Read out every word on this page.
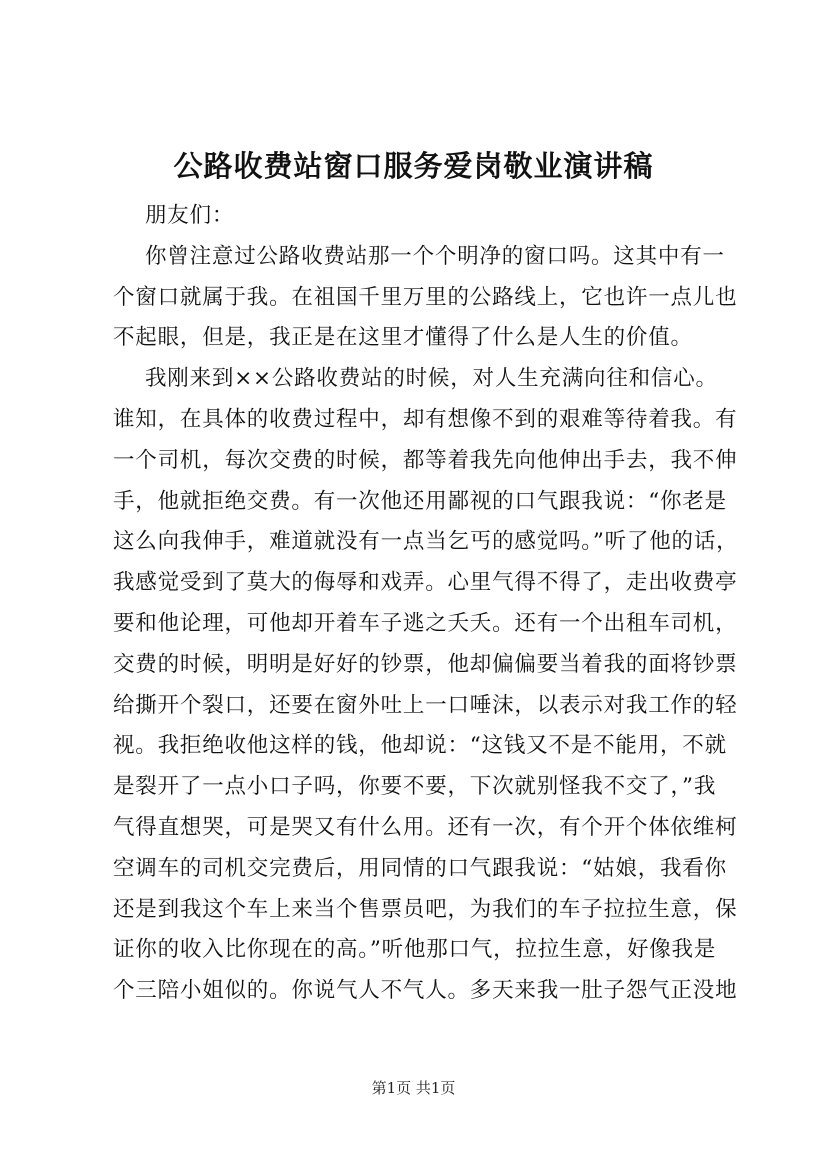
公路收费站窗口服务爱岗敬业演讲稿
朋友们：
你曾注意过公路收费站那一个个明净的窗口吗。这其中有一
个窗口就属于我。在祖国千里万里的公路线上，它也许一点儿也
不起眼，但是，我正是在这里才懂得了什么是人生的价值。
我刚来到××公路收费站的时候，对人生充满向往和信心。
谁知，在具体的收费过程中，却有想像不到的艰难等待着我。有
一个司机，每次交费的时候，都等着我先向他伸出手去，我不伸
手，他就拒绝交费。有一次他还用鄙视的口气跟我说：“你老是
这么向我伸手，难道就没有一点当乞丐的感觉吗。”听了他的话，
我感觉受到了莫大的侮辱和戏弄。心里气得不得了，走出收费亭
要和他论理，可他却开着车子逃之夭夭。还有一个出租车司机，
交费的时候，明明是好好的钞票，他却偏偏要当着我的面将钞票
给撕开个裂口，还要在窗外吐上一口唾沫，以表示对我工作的轻
视。我拒绝收他这样的钱，他却说：“这钱又不是不能用，不就
是裂开了一点小口子吗，你要不要，下次就别怪我不交了，”我
气得直想哭，可是哭又有什么用。还有一次，有个开个体依维柯
空调车的司机交完费后，用同情的口气跟我说：“姑娘，我看你
还是到我这个车上来当个售票员吧，为我们的车子拉拉生意，保
证你的收入比你现在的高。”听他那口气，拉拉生意，好像我是
个三陪小姐似的。你说气人不气人。多天来我一肚子怨气正没地
第1页 共1页
